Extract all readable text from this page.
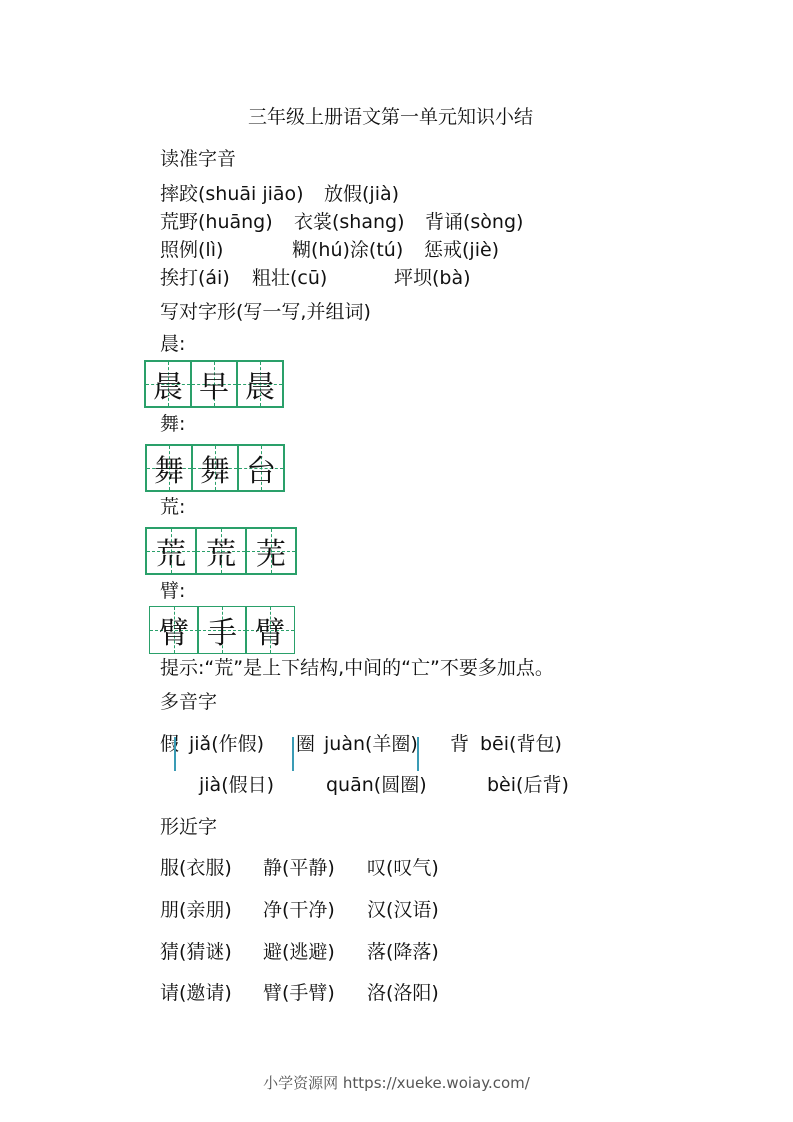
三年级上册语文第一单元知识小结
读准字音
摔跤(shuāi jiāo) 放假(jià)
荒野(huāng) 衣裳(shang) 背诵(sòng)
照例(lì)	糊(hú)涂(tú) 惩戒(jiè)
挨打(ái) 粗壮(cū)	坪坝(bà)
写对字形(写一写,并组词)
晨:
晨 早 晨
舞:
舞 舞 台
荒:
荒 荒 芜
臂:
臂 手 臂
提示:“荒”是上下结构,中间的“亡”不要多加点。
多音字
假 jiǎ(作假)
jià(假日)
圈 juàn(羊圈)
quān(圆圈)
背 bēi(背包)
bèi(后背)
形近字
服(衣服) 静(平静) 叹(叹气)
朋(亲朋) 净(干净) 汉(汉语)
猜(猜谜) 避(逃避) 落(降落)
请(邀请) 臂(手臂) 洛(洛阳)
小学资源网 https://xueke.woiay.com/
